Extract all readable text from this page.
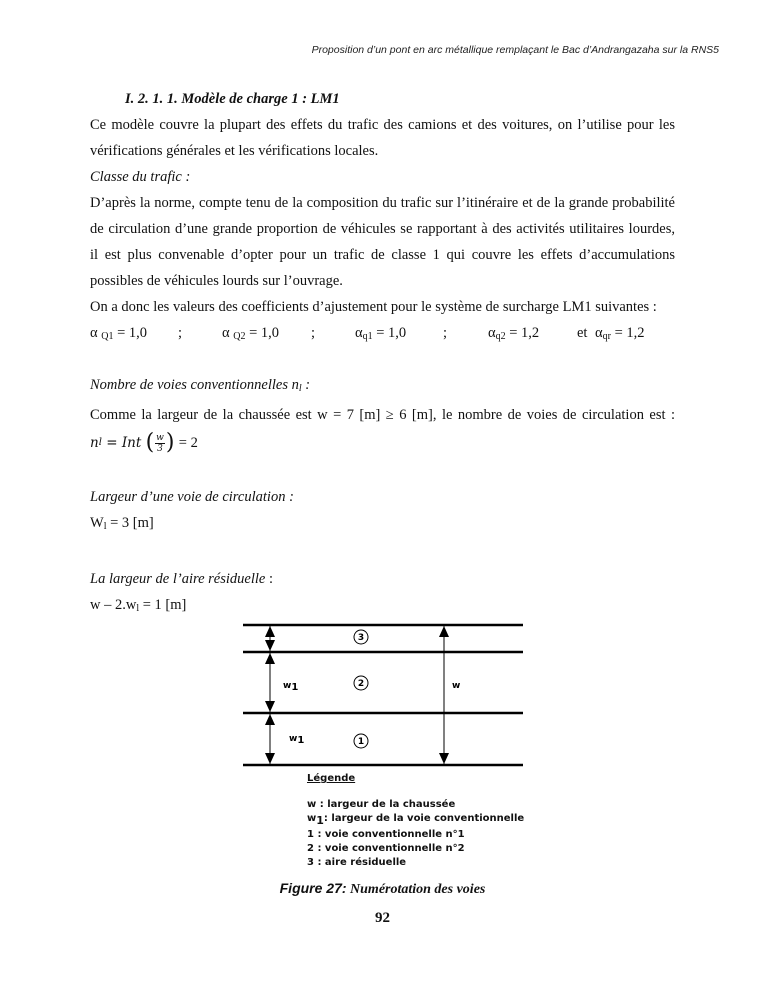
Proposition d’un pont en arc métallique remplaçant le Bac d’Andrangazaha sur la RNS5
I. 2. 1. 1. Modèle de charge 1 : LM1
Ce modèle couvre la plupart des effets du trafic des camions et des voitures, on l’utilise pour les
vérifications générales et les vérifications locales.
Classe du trafic :
D’après la norme, compte tenu de la composition du trafic sur l’itinéraire et de la grande probabilité
de circulation d’une grande proportion de véhicules se rapportant à des activités utilitaires lourdes,
il est plus convenable d’opter pour un trafic de classe 1 qui couvre les effets d’accumulations
possibles de véhicules lourds sur l’ouvrage.
On a donc les valeurs des coefficients d’ajustement pour le système de surcharge LM1 suivantes :
α $_{Q1}$ = 1,0 ;	α $_{Q2}$ = 1,0 ;	$\alpha_{q1} = 1,0$	;	$\alpha_{q2} = 1,2$	et $\alpha_{qr} = 1,2$
Nombre de voies conventionnelles $n_l$ :
Comme la largeur de la chaussée est w = 7 [m] ≥ 6 [m], le nombre de voies de circulation est :
n l
=
Int
( $\frac{w}{3}$ )
= 2
Largeur d’une voie de circulation :
$W_l = 3$ [m]
La largeur de l’aire résiduelle :
$w - 2.w_l = 1$ [m]
3
2
1
w1
w1
w
Légende
w : largeur de la chaussée
w1: largeur de la voie conventionnelle
1 : voie conventionnelle n°1
2 : voie conventionnelle n°2
3 : aire résiduelle
Figure 27: Numérotation des voies
92
